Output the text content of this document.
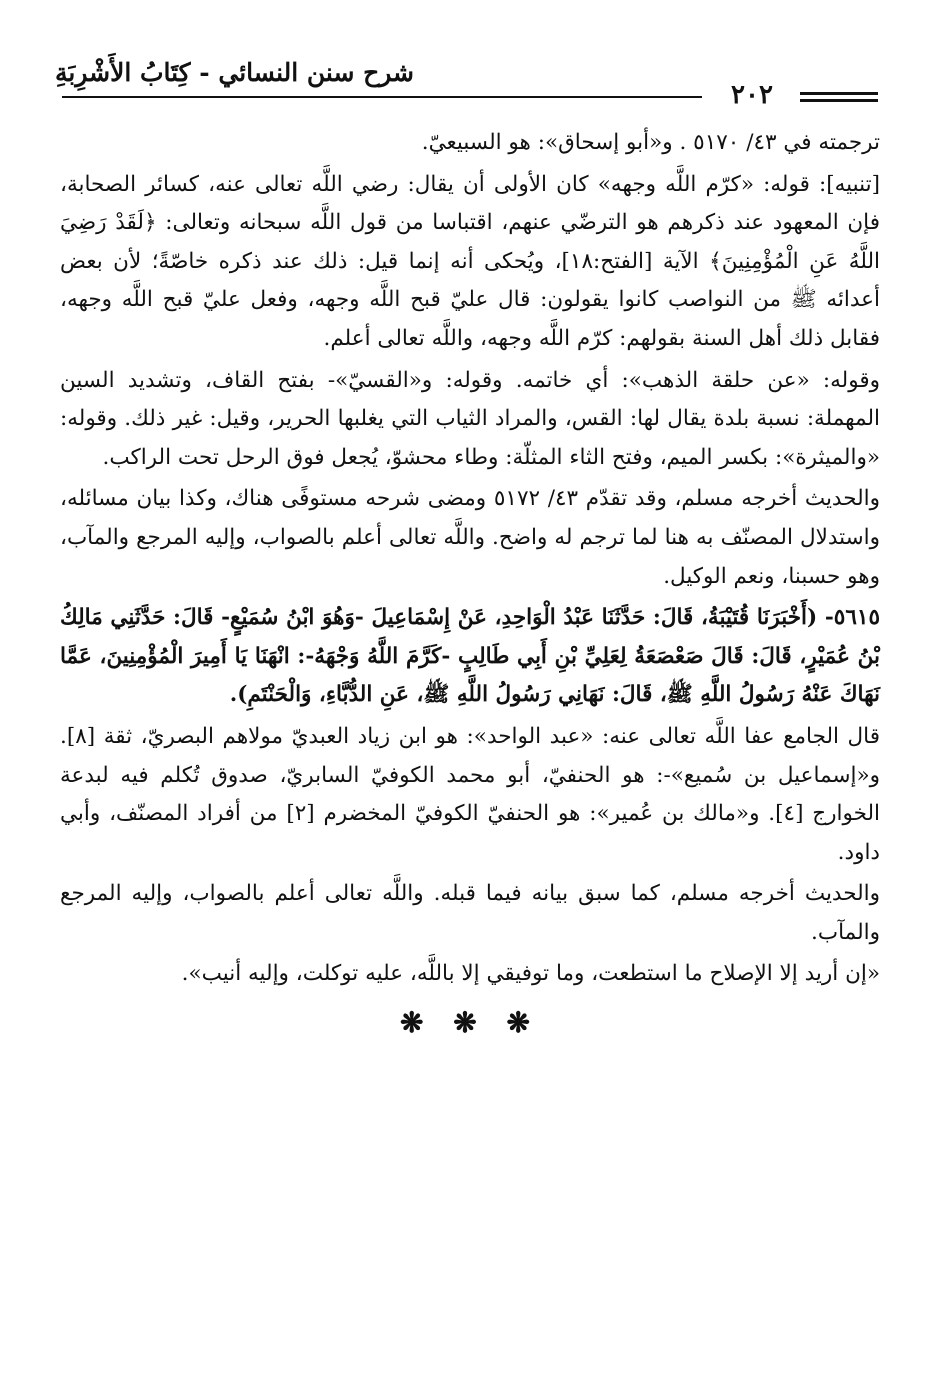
شرح سنن النسائي - كِتَابُ الأَشْرِبَةِ
٢٠٢

ترجمته في ٤٣/ ٥١٧٠ . و«أبو إسحاق»: هو السبيعيّ.

[تنبيه]: قوله: «كرّم اللَّه وجهه» كان الأولى أن يقال: رضي اللَّه تعالى عنه، كسائر الصحابة، فإن المعهود عند ذكرهم هو الترضّي عنهم، اقتباسا من قول اللَّه سبحانه وتعالى: ﴿لَقَدْ رَضِيَ اللَّهُ عَنِ الْمُؤْمِنِينَ﴾ الآية [الفتح:١٨]، ويُحكى أنه إنما قيل: ذلك عند ذكره خاصّةً؛ لأن بعض أعدائه ﷺ من النواصب كانوا يقولون: قال عليّ قبح اللَّه وجهه، وفعل عليّ قبح اللَّه وجهه، فقابل ذلك أهل السنة بقولهم: كرّم اللَّه وجهه، واللَّه تعالى أعلم.

وقوله: «عن حلقة الذهب»: أي خاتمه. وقوله: و«القسيّ»- بفتح القاف، وتشديد السين المهملة: نسبة بلدة يقال لها: القس، والمراد الثياب التي يغلبها الحرير، وقيل: غير ذلك. وقوله: «والميثرة»: بكسر الميم، وفتح الثاء المثلّة: وطاء محشوّ، يُجعل فوق الرحل تحت الراكب.

والحديث أخرجه مسلم، وقد تقدّم ٤٣/ ٥١٧٢ ومضى شرحه مستوفًى هناك، وكذا بيان مسائله، واستدلال المصنّف به هنا لما ترجم له واضح. واللَّه تعالى أعلم بالصواب، وإليه المرجع والمآب، وهو حسبنا، ونعم الوكيل.

٥٦١٥- (أَخْبَرَنَا قُتَيْبَةُ، قَالَ: حَدَّثَنَا عَبْدُ الْوَاحِدِ، عَنْ إِسْمَاعِيلَ -وَهُوَ ابْنُ سُمَيْعٍ- قَالَ: حَدَّثَنِي مَالِكُ بْنُ عُمَيْرٍ، قَالَ: قَالَ صَعْصَعَةُ لِعَلِيِّ بْنِ أَبِي طَالِبٍ -كَرَّمَ اللَّهُ وَجْهَهُ-: انْهَنَا يَا أَمِيرَ الْمُؤْمِنِينَ، عَمَّا نَهَاكَ عَنْهُ رَسُولُ اللَّهِ ﷺ، قَالَ: نَهَانِي رَسُولُ اللَّهِ ﷺ، عَنِ الدُّبَّاءِ، وَالْحَنْتَمِ).

قال الجامع عفا اللَّه تعالى عنه: «عبد الواحد»: هو ابن زياد العبديّ مولاهم البصريّ، ثقة [٨]. و«إسماعيل بن سُميع»-: هو الحنفيّ، أبو محمد الكوفيّ السابريّ، صدوق تُكلم فيه لبدعة الخوارج [٤]. و«مالك بن عُمير»: هو الحنفيّ الكوفيّ المخضرم [٢] من أفراد المصنّف، وأبي داود.

والحديث أخرجه مسلم، كما سبق بيانه فيما قبله. واللَّه تعالى أعلم بالصواب، وإليه المرجع والمآب.

«إن أريد إلا الإصلاح ما استطعت، وما توفيقي إلا باللَّه، عليه توكلت، وإليه أنيب».

❋ ❋ ❋
